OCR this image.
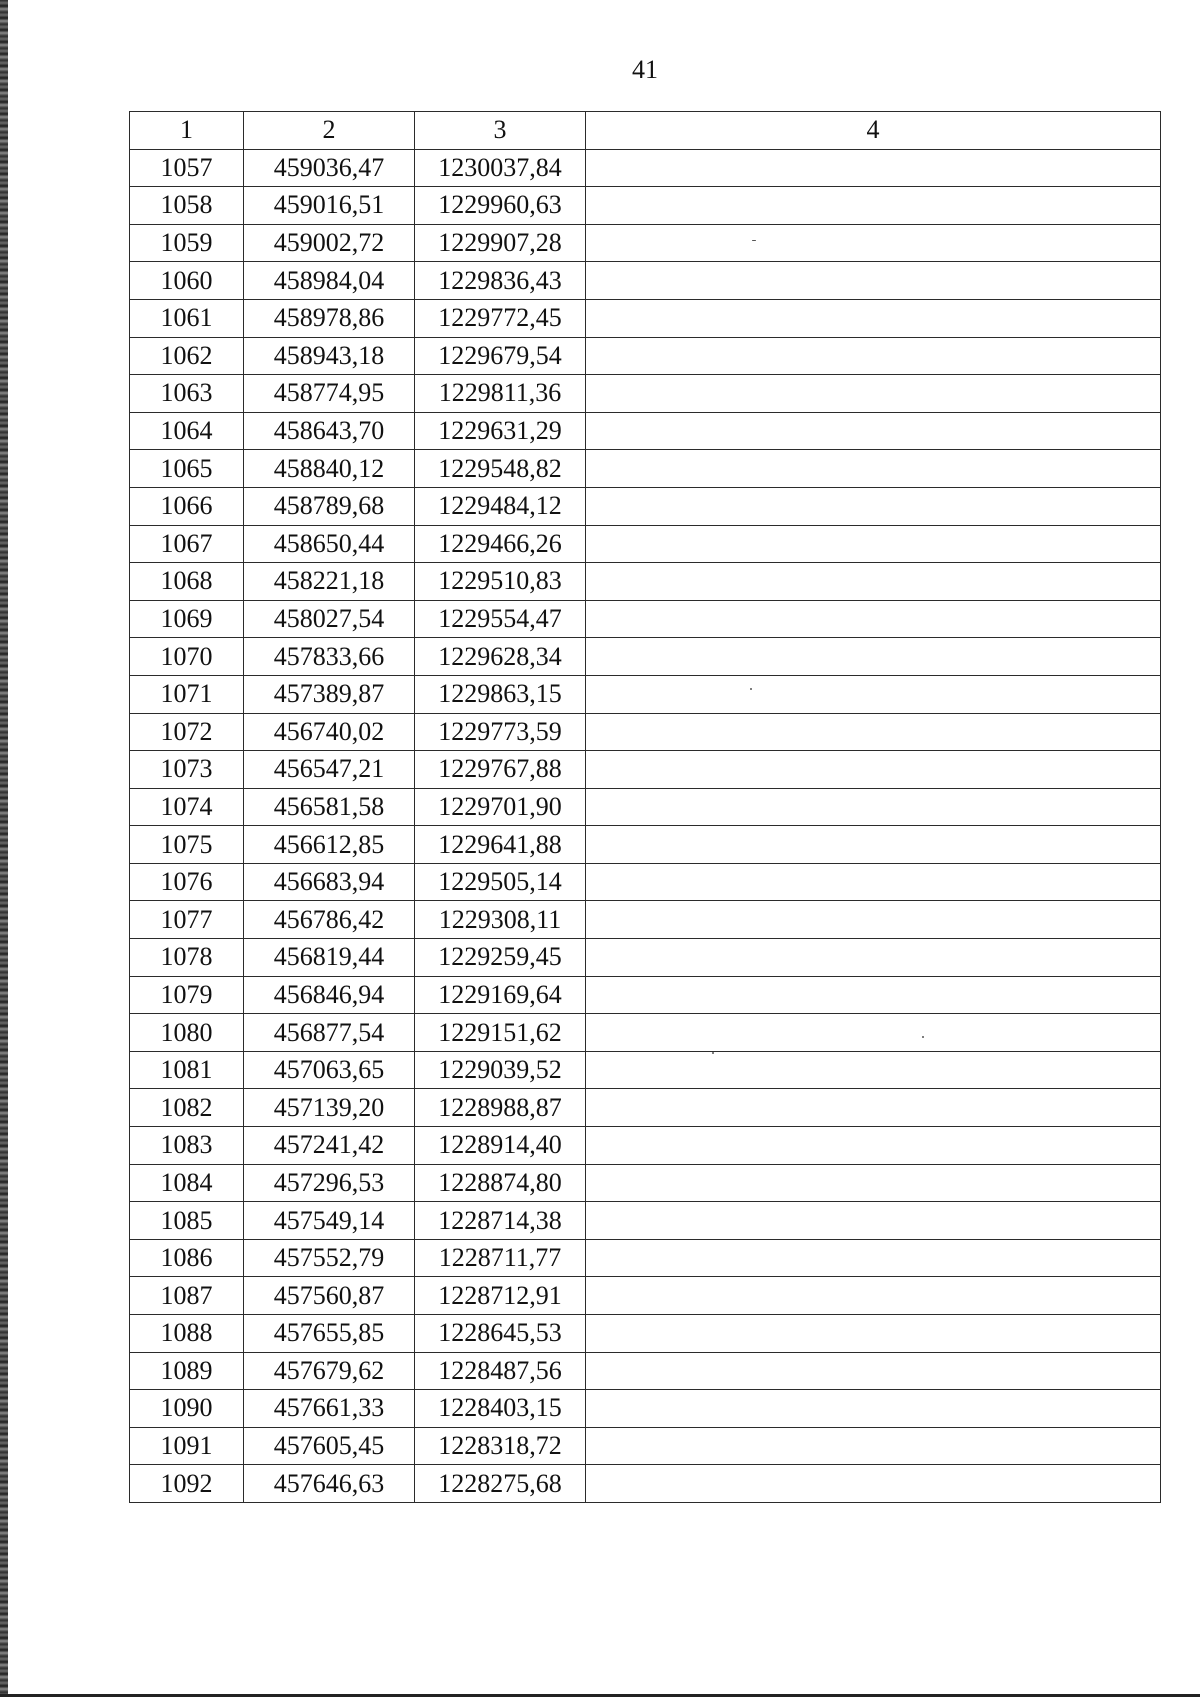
41
1	2	3	4
1057	459036,47	1230037,84	
1058	459016,51	1229960,63	
1059	459002,72	1229907,28	
1060	458984,04	1229836,43	
1061	458978,86	1229772,45	
1062	458943,18	1229679,54	
1063	458774,95	1229811,36	
1064	458643,70	1229631,29	
1065	458840,12	1229548,82	
1066	458789,68	1229484,12	
1067	458650,44	1229466,26	
1068	458221,18	1229510,83	
1069	458027,54	1229554,47	
1070	457833,66	1229628,34	
1071	457389,87	1229863,15	
1072	456740,02	1229773,59	
1073	456547,21	1229767,88	
1074	456581,58	1229701,90	
1075	456612,85	1229641,88	
1076	456683,94	1229505,14	
1077	456786,42	1229308,11	
1078	456819,44	1229259,45	
1079	456846,94	1229169,64	
1080	456877,54	1229151,62	
1081	457063,65	1229039,52	
1082	457139,20	1228988,87	
1083	457241,42	1228914,40	
1084	457296,53	1228874,80	
1085	457549,14	1228714,38	
1086	457552,79	1228711,77	
1087	457560,87	1228712,91	
1088	457655,85	1228645,53	
1089	457679,62	1228487,56	
1090	457661,33	1228403,15	
1091	457605,45	1228318,72	
1092	457646,63	1228275,68	
